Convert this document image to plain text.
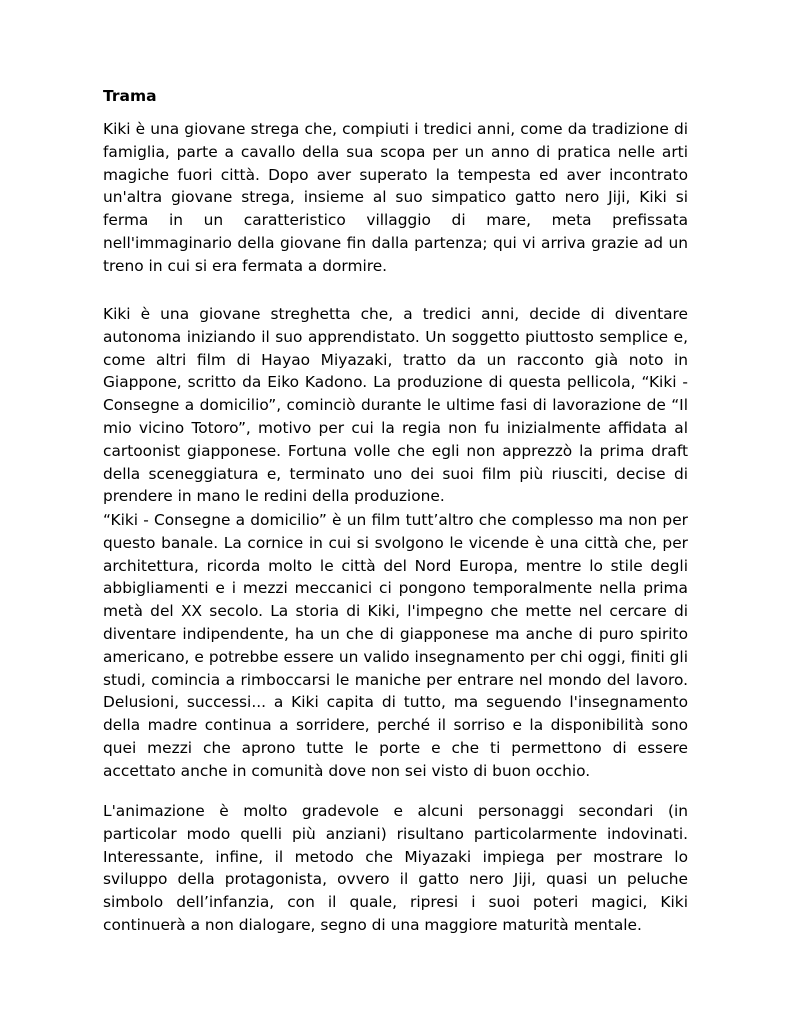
Trama

Kiki è una giovane strega che, compiuti i tredici anni, come da tradizione di famiglia, parte a cavallo della sua scopa per un anno di pratica nelle arti magiche fuori città. Dopo aver superato la tempesta ed aver incontrato un'altra giovane strega, insieme al suo simpatico gatto nero Jiji, Kiki si ferma in un caratteristico villaggio di mare, meta prefissata nell'immaginario della giovane fin dalla partenza; qui vi arriva grazie ad un treno in cui si era fermata a dormire.

Kiki è una giovane streghetta che, a tredici anni, decide di diventare autonoma iniziando il suo apprendistato. Un soggetto piuttosto semplice e, come altri film di Hayao Miyazaki, tratto da un racconto già noto in Giappone, scritto da Eiko Kadono. La produzione di questa pellicola, “Kiki - Consegne a domicilio”, cominciò durante le ultime fasi di lavorazione de “Il mio vicino Totoro”, motivo per cui la regia non fu inizialmente affidata al cartoonist giapponese. Fortuna volle che egli non apprezzò la prima draft della sceneggiatura e, terminato uno dei suoi film più riusciti, decise di prendere in mano le redini della produzione.

“Kiki - Consegne a domicilio” è un film tutt’altro che complesso ma non per questo banale. La cornice in cui si svolgono le vicende è una città che, per architettura, ricorda molto le città del Nord Europa, mentre lo stile degli abbigliamenti e i mezzi meccanici ci pongono temporalmente nella prima metà del XX secolo. La storia di Kiki, l'impegno che mette nel cercare di diventare indipendente, ha un che di giapponese ma anche di puro spirito americano, e potrebbe essere un valido insegnamento per chi oggi, finiti gli studi, comincia a rimboccarsi le maniche per entrare nel mondo del lavoro. Delusioni, successi... a Kiki capita di tutto, ma seguendo l'insegnamento della madre continua a sorridere, perché il sorriso e la disponibilità sono quei mezzi che aprono tutte le porte e che ti permettono di essere accettato anche in comunità dove non sei visto di buon occhio.

L'animazione è molto gradevole e alcuni personaggi secondari (in particolar modo quelli più anziani) risultano particolarmente indovinati. Interessante, infine, il metodo che Miyazaki impiega per mostrare lo sviluppo della protagonista, ovvero il gatto nero Jiji, quasi un peluche simbolo dell’infanzia, con il quale, ripresi i suoi poteri magici, Kiki continuerà a non dialogare, segno di una maggiore maturità mentale.
